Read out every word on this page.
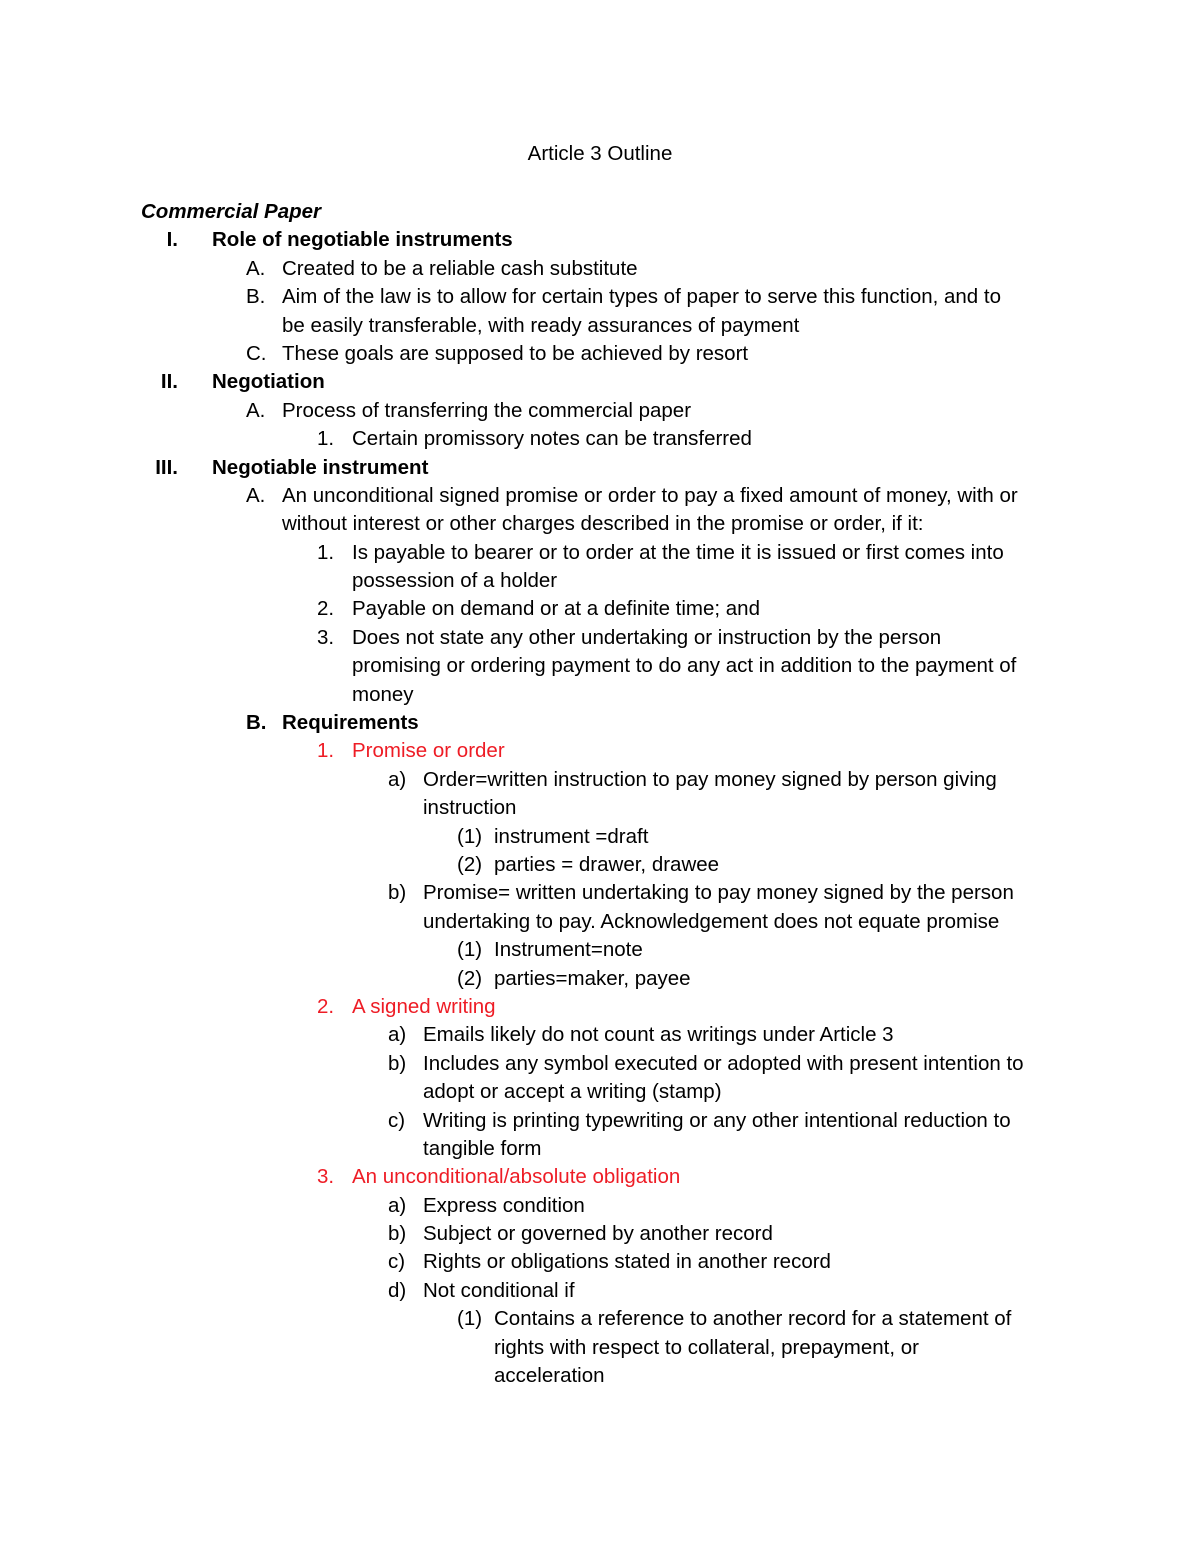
Article 3 Outline
Commercial Paper
I. Role of negotiable instruments
A. Created to be a reliable cash substitute
B. Aim of the law is to allow for certain types of paper to serve this function, and to
be easily transferable, with ready assurances of payment
C. These goals are supposed to be achieved by resort
II. Negotiation
A. Process of transferring the commercial paper
1. Certain promissory notes can be transferred
III. Negotiable instrument
A. An unconditional signed promise or order to pay a fixed amount of money, with or
without interest or other charges described in the promise or order, if it:
1. Is payable to bearer or to order at the time it is issued or first comes into
possession of a holder
2. Payable on demand or at a definite time; and
3. Does not state any other undertaking or instruction by the person
promising or ordering payment to do any act in addition to the payment of
money
B. Requirements
1. Promise or order
a) Order=written instruction to pay money signed by person giving
instruction
(1) instrument =draft
(2) parties = drawer, drawee
b) Promise= written undertaking to pay money signed by the person
undertaking to pay. Acknowledgement does not equate promise
(1) Instrument=note
(2) parties=maker, payee
2. A signed writing
a) Emails likely do not count as writings under Article 3
b) Includes any symbol executed or adopted with present intention to
adopt or accept a writing (stamp)
c) Writing is printing typewriting or any other intentional reduction to
tangible form
3. An unconditional/absolute obligation
a) Express condition
b) Subject or governed by another record
c) Rights or obligations stated in another record
d) Not conditional if
(1) Contains a reference to another record for a statement of
rights with respect to collateral, prepayment, or
acceleration
